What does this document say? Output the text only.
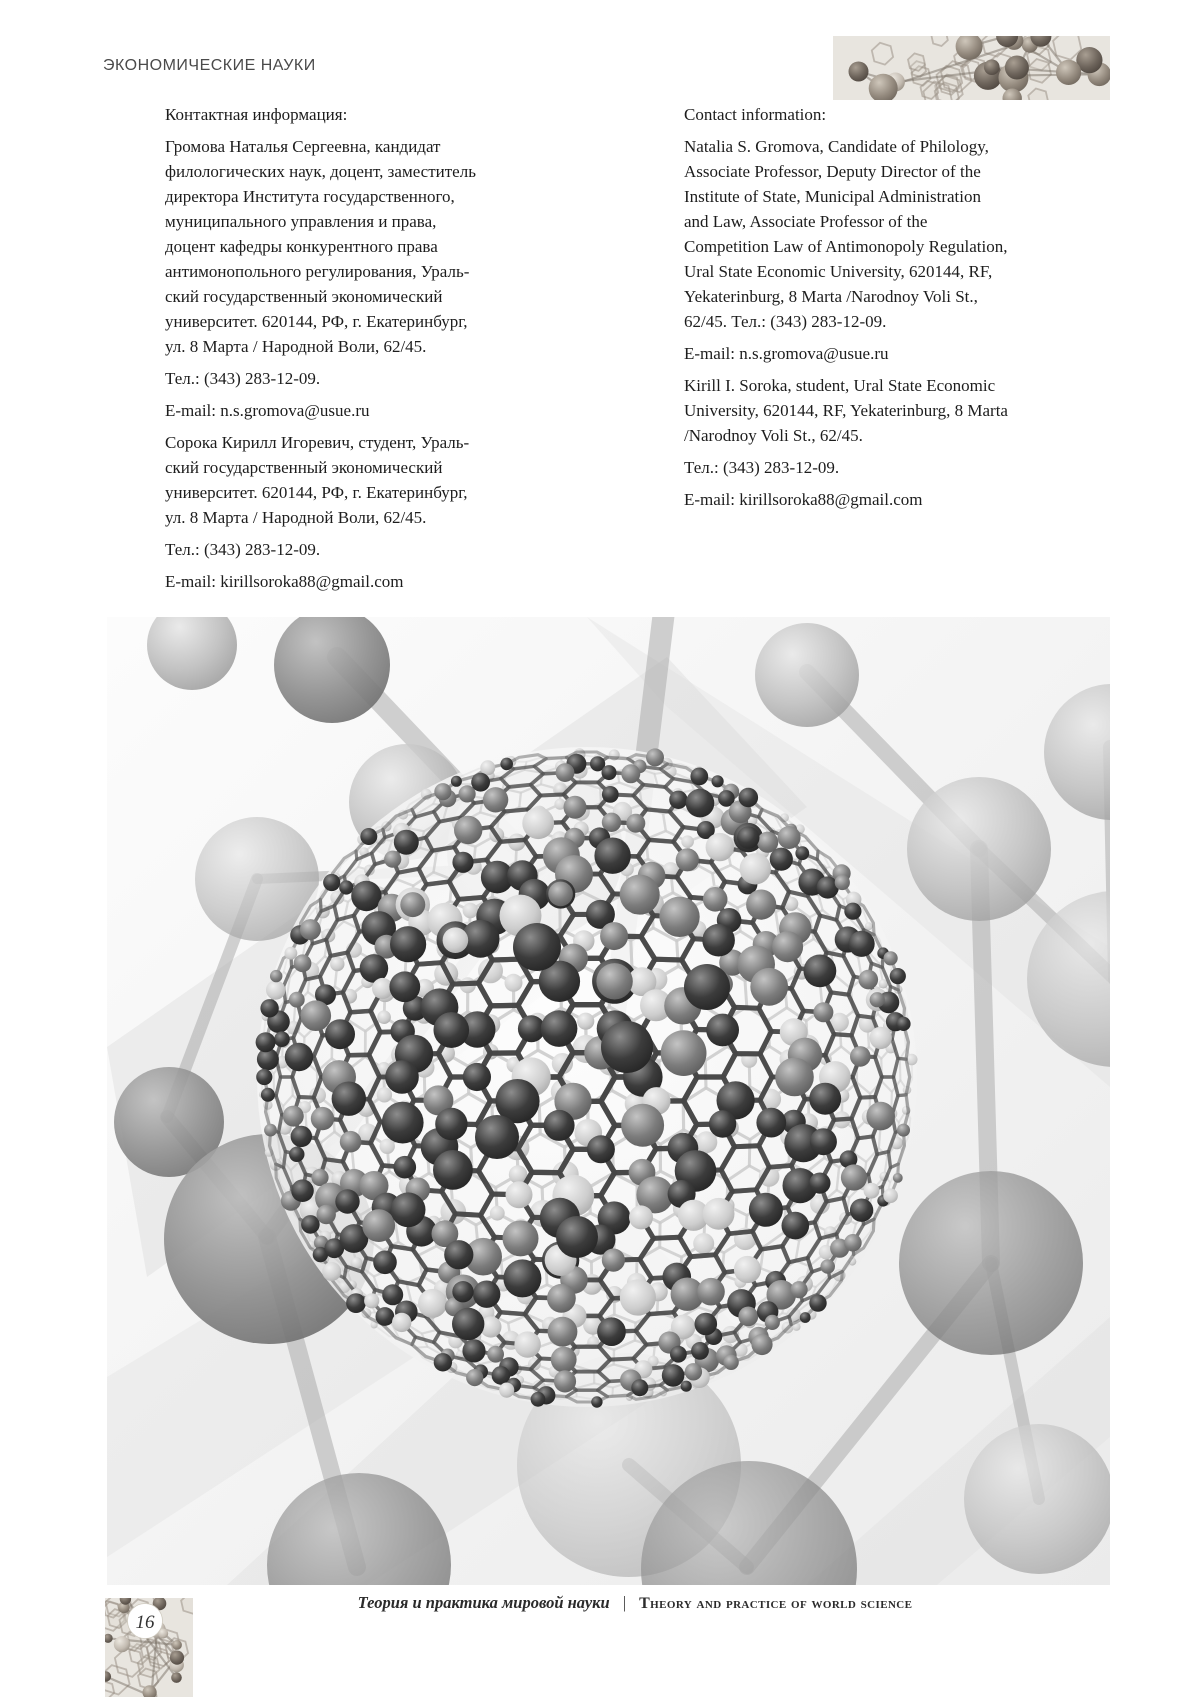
ЭКОНОМИЧЕСКИЕ НАУКИ

Контактная информация:

Громова Наталья Сергеевна, кандидат
филологических наук, доцент, заместитель
директора Института государственного,
муниципального управления и права,
доцент кафедры конкурентного права
антимонопольного регулирования, Ураль-
ский государственный экономический
университет. 620144, РФ, г. Екатеринбург,
ул. 8 Марта / Народной Воли, 62/45.

Тел.: (343) 283-12-09.

E-mail: n.s.gromova@usue.ru

Сорока Кирилл Игоревич, студент, Ураль-
ский государственный экономический
университет. 620144, РФ, г. Екатеринбург,
ул. 8 Марта / Народной Воли, 62/45.

Тел.: (343) 283-12-09.

E-mail: kirillsoroka88@gmail.com

Contact information:

Natalia S. Gromova, Candidate of Philology,
Associate Professor, Deputy Director of the
Institute of State, Municipal Administration
and Law, Associate Professor of the
Competition Law of Antimonopoly Regulation,
Ural State Economic University, 620144, RF,
Yekaterinburg, 8 Marta /Narodnoy Voli St.,
62/45. Тел.: (343) 283-12-09.

E-mail: n.s.gromova@usue.ru

Kirill I. Soroka, student, Ural State Economic
University, 620144, RF, Yekaterinburg, 8 Marta
/Narodnoy Voli St., 62/45.

Тел.: (343) 283-12-09.

E-mail: kirillsoroka88@gmail.com

Теория и практика мировой науки | Theory and practice of world science
16
